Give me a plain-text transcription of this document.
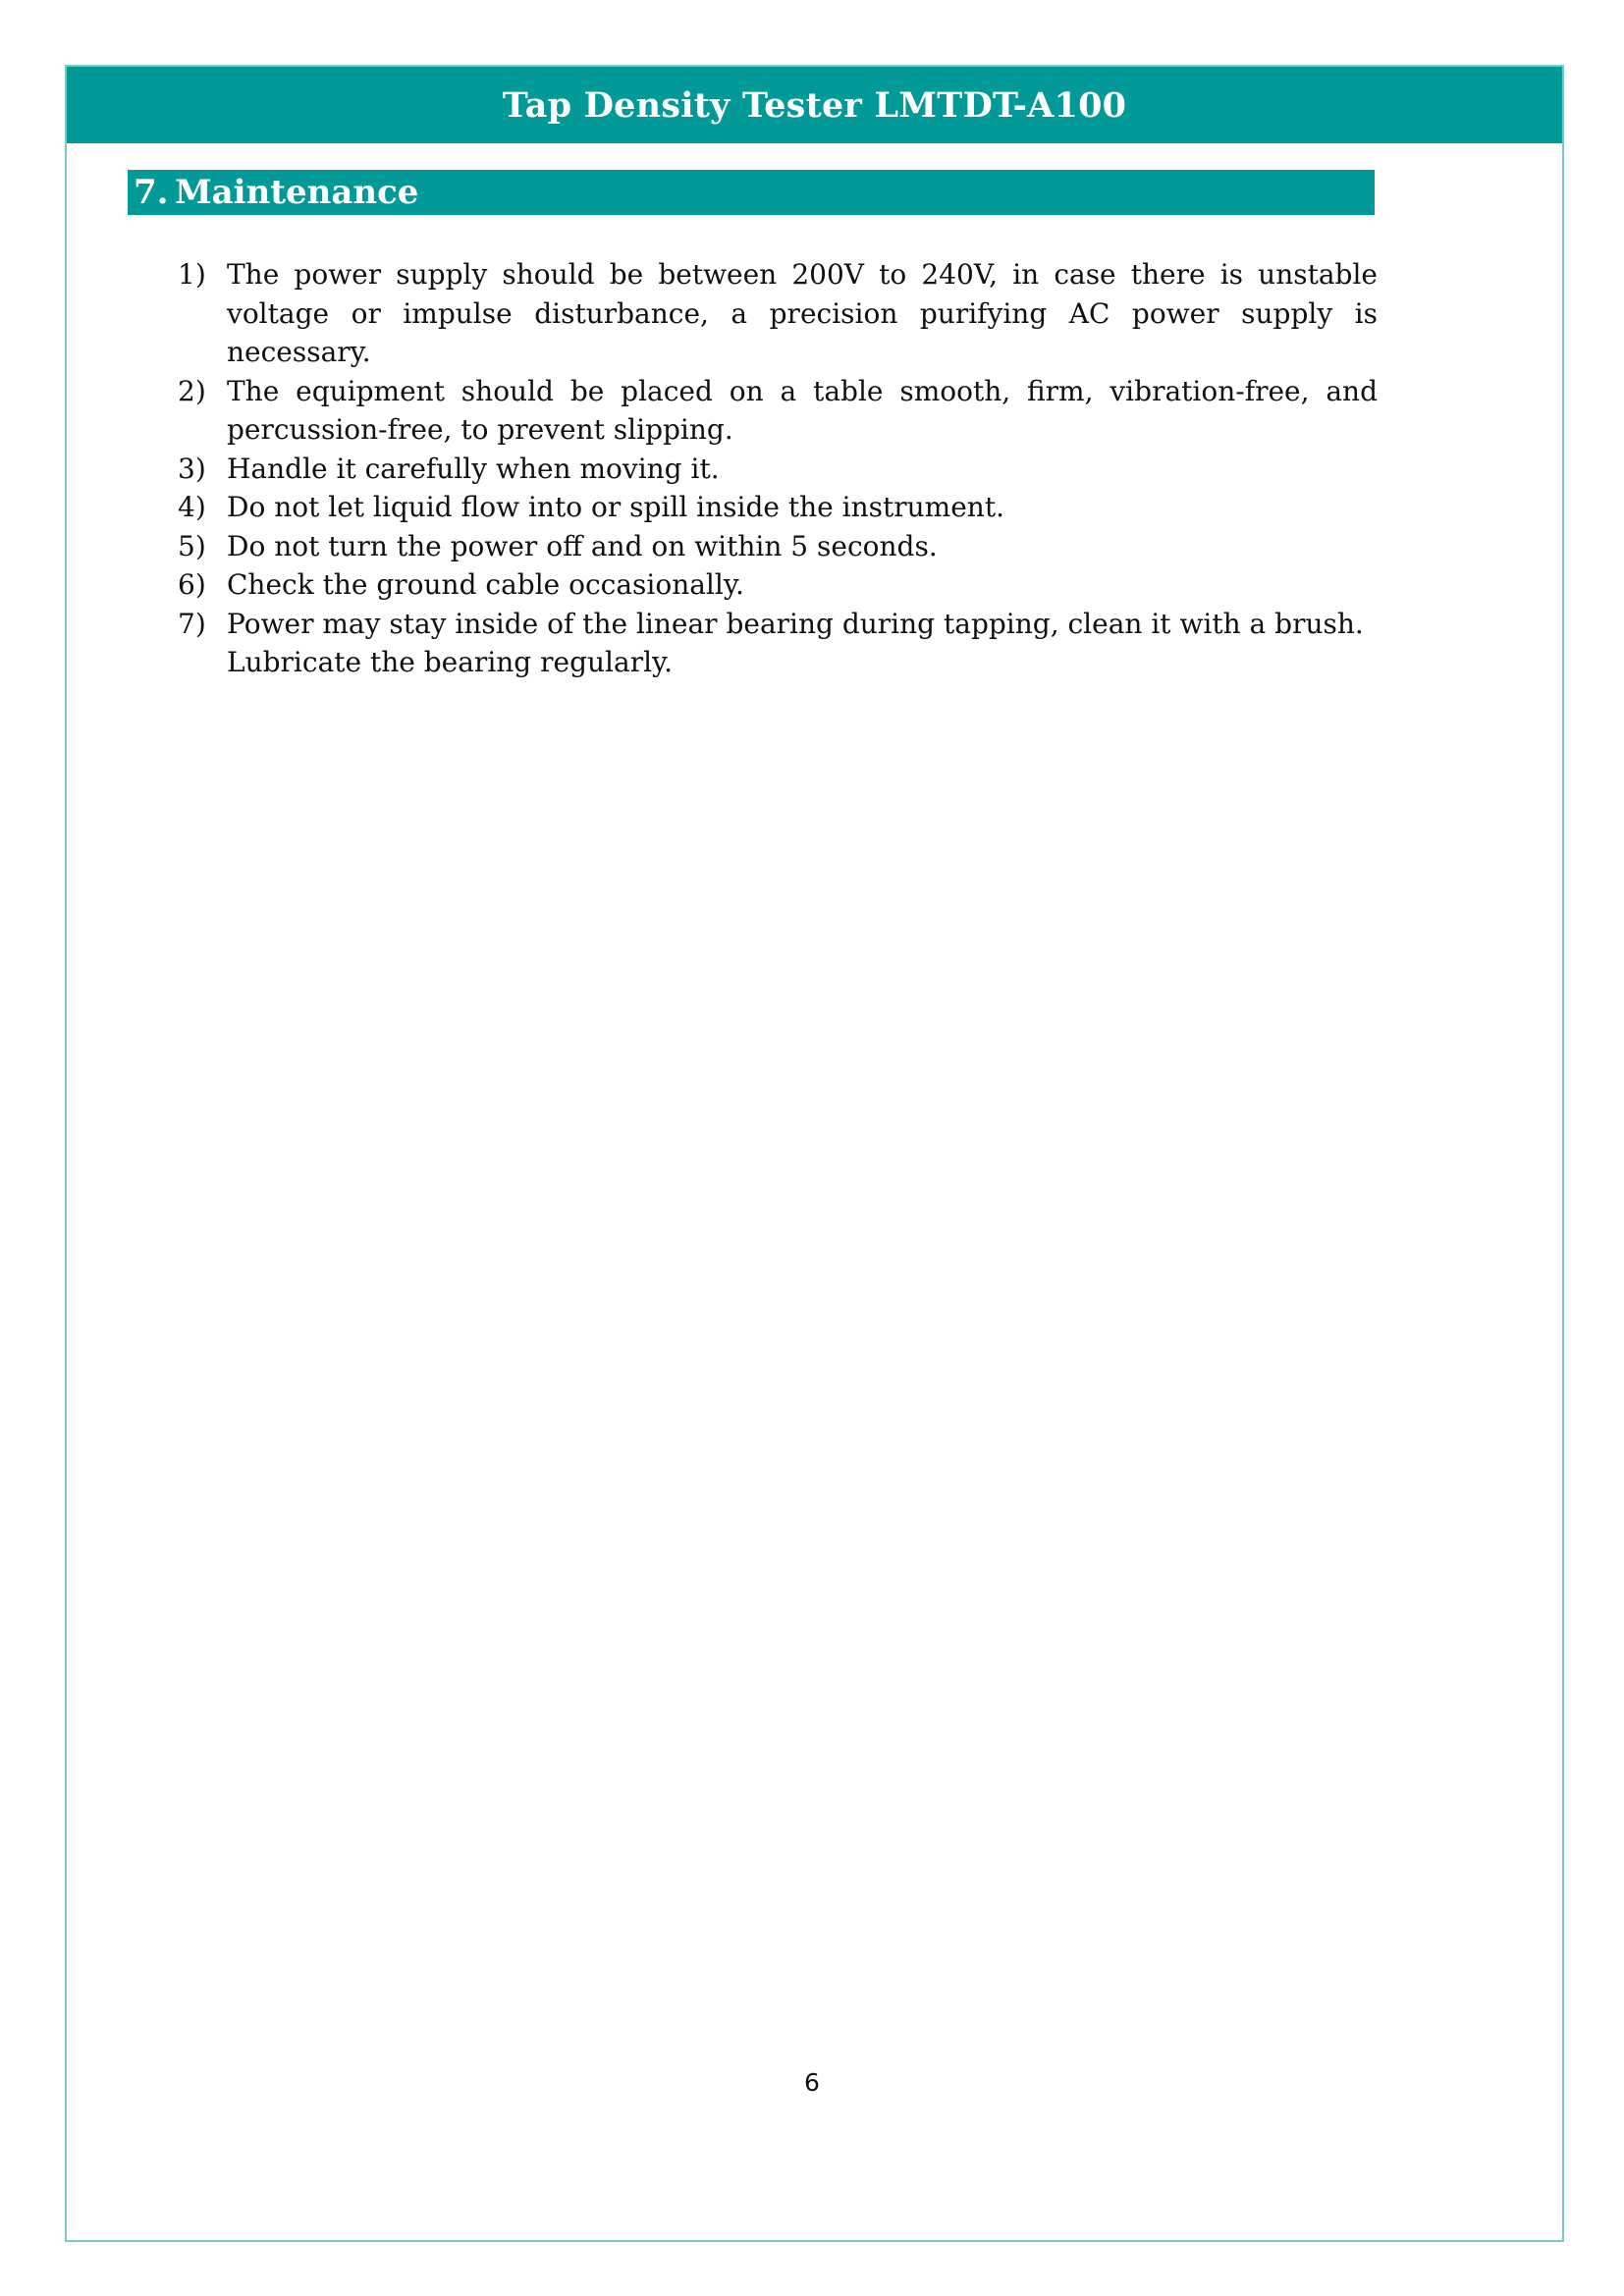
Tap Density Tester LMTDT-A100
7. Maintenance
1) The power supply should be between 200V to 240V, in case there is unstable voltage or impulse disturbance, a precision purifying AC power supply is necessary.
2) The equipment should be placed on a table smooth, firm, vibration-free, and percussion-free, to prevent slipping.
3) Handle it carefully when moving it.
4) Do not let liquid flow into or spill inside the instrument.
5) Do not turn the power off and on within 5 seconds.
6) Check the ground cable occasionally.
7) Power may stay inside of the linear bearing during tapping, clean it with a brush. Lubricate the bearing regularly.
6
